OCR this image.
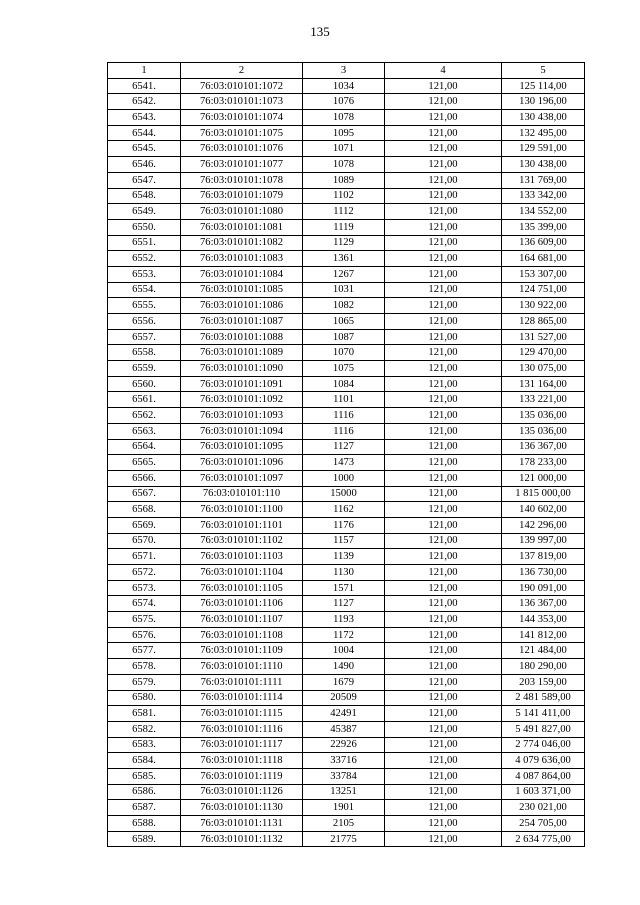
135
1	2	3	4	5
6541.	76:03:010101:1072	1034	121,00	125 114,00
6542.	76:03:010101:1073	1076	121,00	130 196,00
6543.	76:03:010101:1074	1078	121,00	130 438,00
6544.	76:03:010101:1075	1095	121,00	132 495,00
6545.	76:03:010101:1076	1071	121,00	129 591,00
6546.	76:03:010101:1077	1078	121,00	130 438,00
6547.	76:03:010101:1078	1089	121,00	131 769,00
6548.	76:03:010101:1079	1102	121,00	133 342,00
6549.	76:03:010101:1080	1112	121,00	134 552,00
6550.	76:03:010101:1081	1119	121,00	135 399,00
6551.	76:03:010101:1082	1129	121,00	136 609,00
6552.	76:03:010101:1083	1361	121,00	164 681,00
6553.	76:03:010101:1084	1267	121,00	153 307,00
6554.	76:03:010101:1085	1031	121,00	124 751,00
6555.	76:03:010101:1086	1082	121,00	130 922,00
6556.	76:03:010101:1087	1065	121,00	128 865,00
6557.	76:03:010101:1088	1087	121,00	131 527,00
6558.	76:03:010101:1089	1070	121,00	129 470,00
6559.	76:03:010101:1090	1075	121,00	130 075,00
6560.	76:03:010101:1091	1084	121,00	131 164,00
6561.	76:03:010101:1092	1101	121,00	133 221,00
6562.	76:03:010101:1093	1116	121,00	135 036,00
6563.	76:03:010101:1094	1116	121,00	135 036,00
6564.	76:03:010101:1095	1127	121,00	136 367,00
6565.	76:03:010101:1096	1473	121,00	178 233,00
6566.	76:03:010101:1097	1000	121,00	121 000,00
6567.	76:03:010101:110	15000	121,00	1 815 000,00
6568.	76:03:010101:1100	1162	121,00	140 602,00
6569.	76:03:010101:1101	1176	121,00	142 296,00
6570.	76:03:010101:1102	1157	121,00	139 997,00
6571.	76:03:010101:1103	1139	121,00	137 819,00
6572.	76:03:010101:1104	1130	121,00	136 730,00
6573.	76:03:010101:1105	1571	121,00	190 091,00
6574.	76:03:010101:1106	1127	121,00	136 367,00
6575.	76:03:010101:1107	1193	121,00	144 353,00
6576.	76:03:010101:1108	1172	121,00	141 812,00
6577.	76:03:010101:1109	1004	121,00	121 484,00
6578.	76:03:010101:1110	1490	121,00	180 290,00
6579.	76:03:010101:1111	1679	121,00	203 159,00
6580.	76:03:010101:1114	20509	121,00	2 481 589,00
6581.	76:03:010101:1115	42491	121,00	5 141 411,00
6582.	76:03:010101:1116	45387	121,00	5 491 827,00
6583.	76:03:010101:1117	22926	121,00	2 774 046,00
6584.	76:03:010101:1118	33716	121,00	4 079 636,00
6585.	76:03:010101:1119	33784	121,00	4 087 864,00
6586.	76:03:010101:1126	13251	121,00	1 603 371,00
6587.	76:03:010101:1130	1901	121,00	230 021,00
6588.	76:03:010101:1131	2105	121,00	254 705,00
6589.	76:03:010101:1132	21775	121,00	2 634 775,00
